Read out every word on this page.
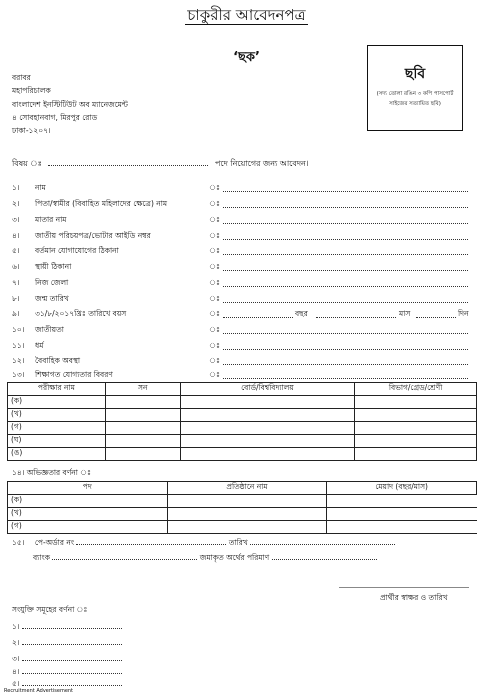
চাকুরীর আবেদনপত্র
‘ছক’
ছবি
(সদ্য তোলা রঙিন ৩ কপি পাসপোর্ট সাইজের সত্যায়িত ছবি)
বরাবর
মহাপরিচালক
বাংলাদেশ ইনস্টিটিউট অব ম্যানেজমেন্ট
৪ সোবহানবাগ, মিরপুর রোড
ঢাকা-১২০৭।
বিষয় ঃ	পদে নিয়োগের জন্য আবেদন।
১। নাম	ঃ
২। পিতা/স্বামীর (বিবাহিত মহিলাদের ক্ষেত্রে) নাম	ঃ
৩। মাতার নাম	ঃ
৪। জাতীয় পরিচয়পত্র/ভোটার আইডি নম্বর	ঃ
৫। বর্তমান যোগাযোগের ঠিকানা	ঃ
৬। স্থায়ী ঠিকানা	ঃ
৭। নিজ জেলা	ঃ
৮। জন্ম তারিখ	ঃ
৯। ৩১/৮/২০১৭খ্রিঃ তারিখে বয়স	ঃ	বছর	মাস	দিন
১০। জাতীয়তা	ঃ
১১। ধর্ম	ঃ
১২। বৈবাহিক অবস্থা	ঃ
১৩। শিক্ষাগত যোগ্যতার বিবরণ	ঃ
পরীক্ষার নাম	সন	বোর্ড/বিশ্ববিদ্যালয়	বিভাগ/গ্রেড/শ্রেণী
(ক)			
(খ)			
(গ)			
(ঘ)			
(ঙ)			
১৪। অভিজ্ঞতার বর্ণনা ঃ
পদ	প্রতিষ্ঠানে নাম	মেয়াদ (বছর/মাস)
(ক)		
(খ)		
(গ)		
১৫। পে-অর্ডার নং	তারিখ
ব্যাংক	জমাকৃত অর্থের পরিমাণ
প্রার্থীর স্বাক্ষর ও তারিখ
সংযুক্তি সমূহের বর্ণনা ঃ
১।
২।
৩।
৪।
৫।
Recruitment Advertisement
